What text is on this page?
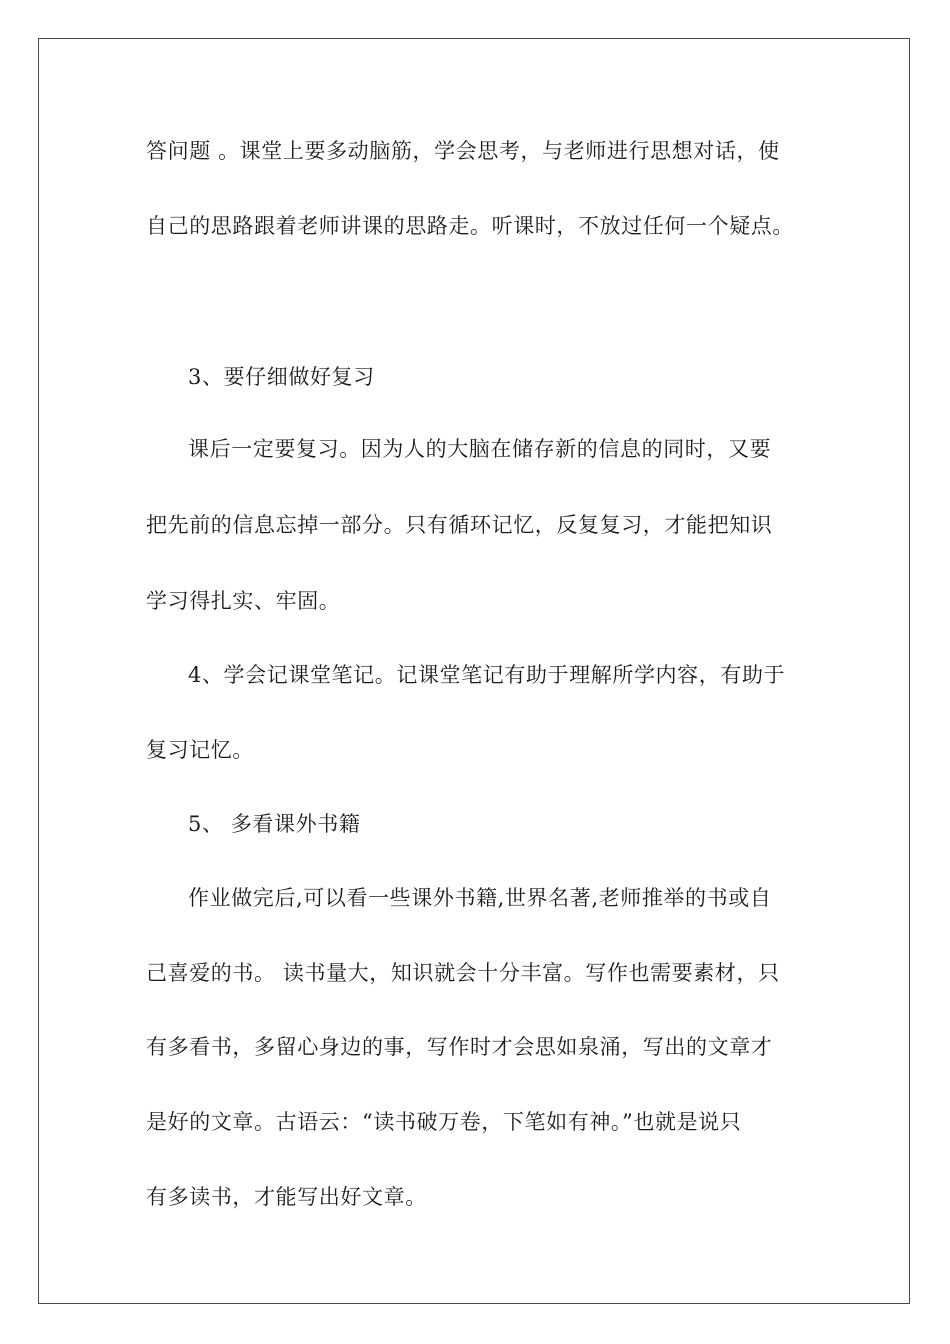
答问题 。课堂上要多动脑筋，学会思考，与老师进行思想对话，使
自己的思路跟着老师讲课的思路走。听课时，不放过任何一个疑点。
3、要仔细做好复习
课后一定要复习。因为人的大脑在储存新的信息的同时，又要
把先前的信息忘掉一部分。只有循环记忆，反复复习，才能把知识
学习得扎实、牢固。
4、学会记课堂笔记。记课堂笔记有助于理解所学内容，有助于
复习记忆。
5、 多看课外书籍
作业做完后,可以看一些课外书籍,世界名著,老师推举的书或自
己喜爱的书。 读书量大，知识就会十分丰富。写作也需要素材，只
有多看书，多留心身边的事，写作时才会思如泉涌，写出的文章才
是好的文章。古语云：“读书破万卷，下笔如有神。”也就是说只
有多读书，才能写出好文章。
